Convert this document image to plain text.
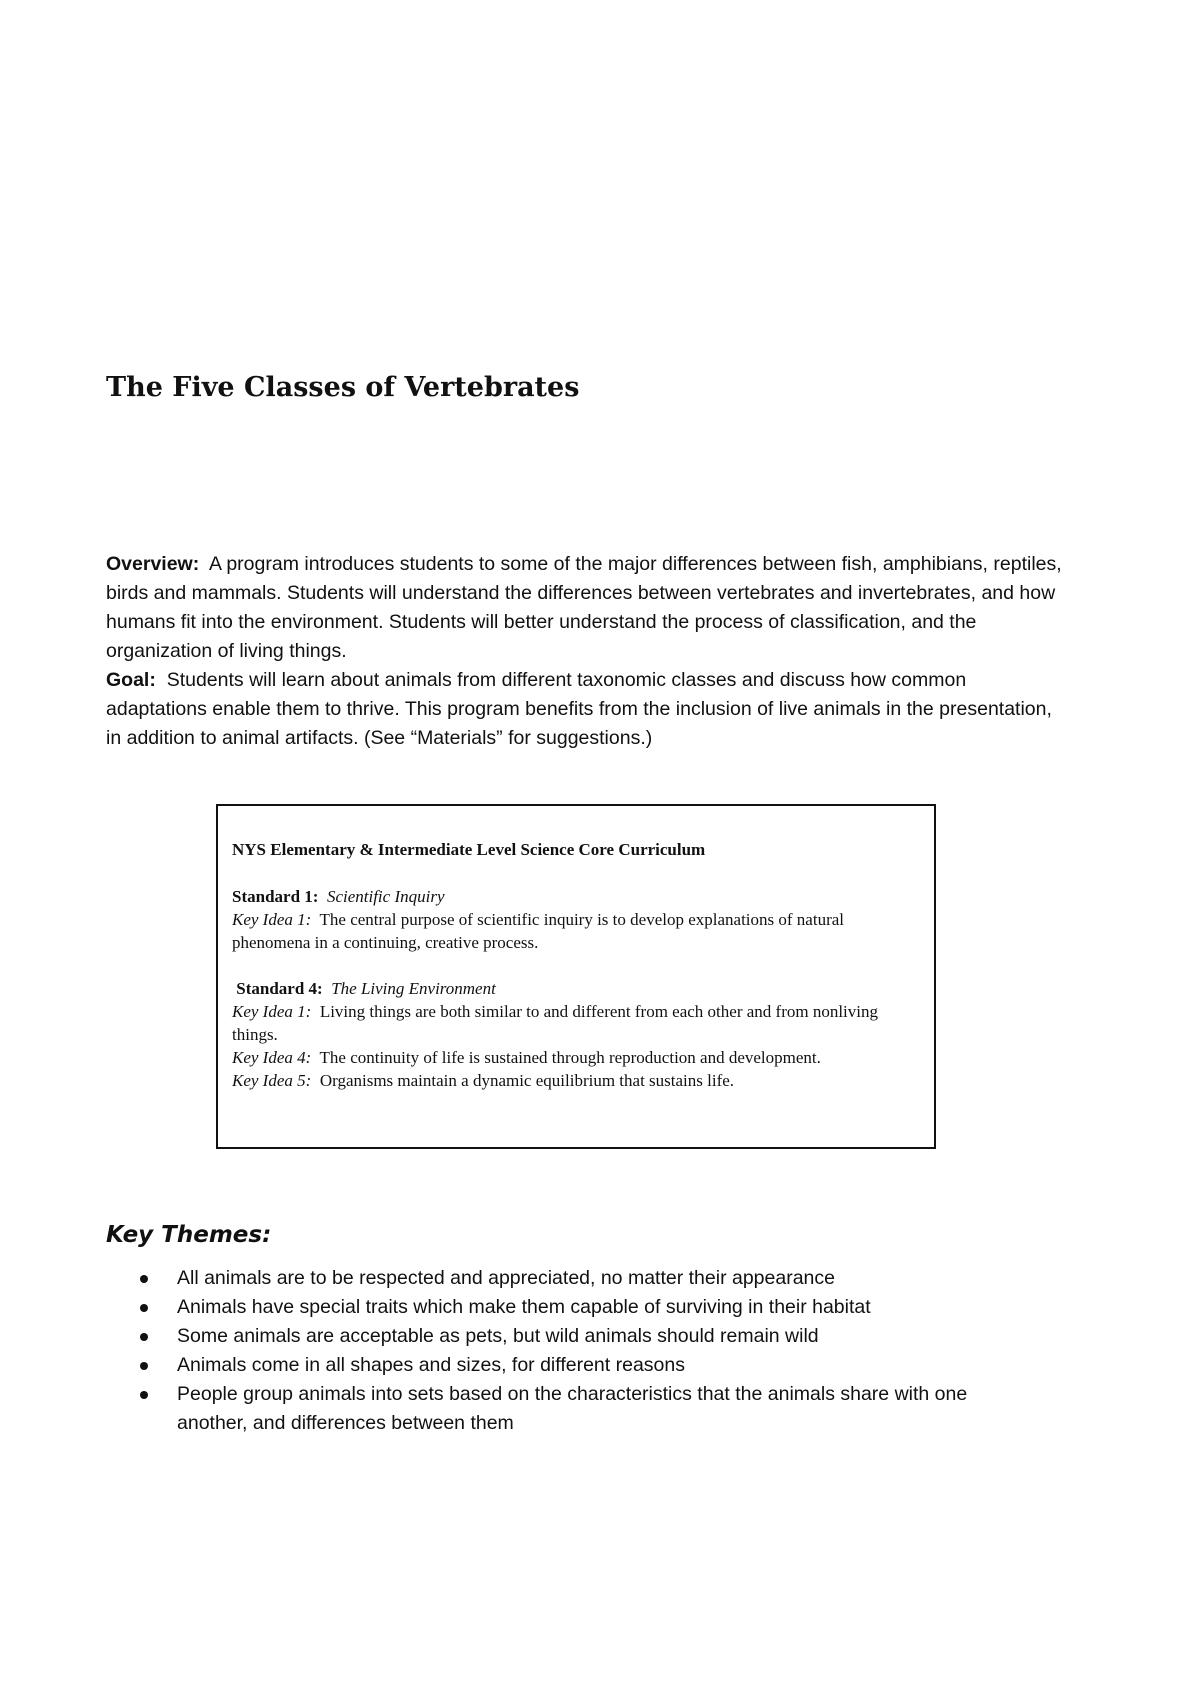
The Five Classes of Vertebrates

Overview: A program introduces students to some of the major differences between fish, amphibians, reptiles, birds and mammals. Students will understand the differences between vertebrates and invertebrates, and how humans fit into the environment. Students will better understand the process of classification, and the organization of living things.

Goal: Students will learn about animals from different taxonomic classes and discuss how common adaptations enable them to thrive. This program benefits from the inclusion of live animals in the presentation, in addition to animal artifacts. (See “Materials” for suggestions.)

NYS Elementary & Intermediate Level Science Core Curriculum
Standard 1: Scientific Inquiry
Key Idea 1: The central purpose of scientific inquiry is to develop explanations of natural phenomena in a continuing, creative process.
Standard 4: The Living Environment
Key Idea 1: Living things are both similar to and different from each other and from nonliving things.
Key Idea 4: The continuity of life is sustained through reproduction and development.
Key Idea 5: Organisms maintain a dynamic equilibrium that sustains life.
Key Themes:
All animals are to be respected and appreciated, no matter their appearance
Animals have special traits which make them capable of surviving in their habitat
Some animals are acceptable as pets, but wild animals should remain wild
Animals come in all shapes and sizes, for different reasons
People group animals into sets based on the characteristics that the animals share with one another, and differences between them
